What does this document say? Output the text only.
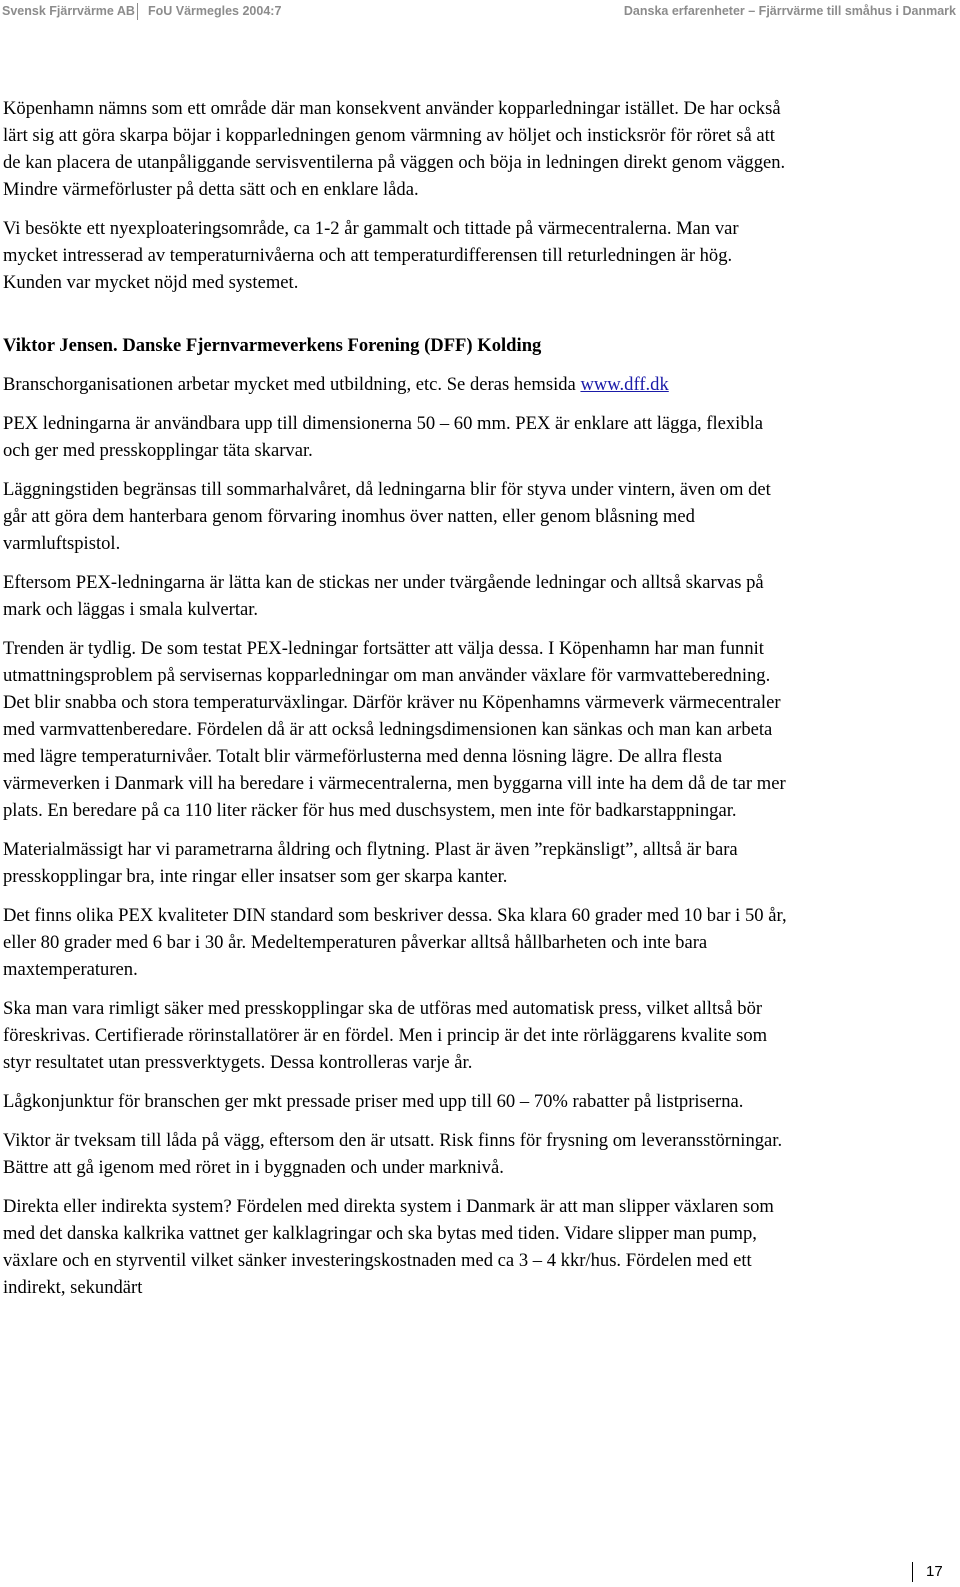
Svensk Fjärrvärme AB FoU Värmegles 2004:7	Danska erfarenheter – Fjärrvärme till småhus i Danmark

Köpenhamn nämns som ett område där man konsekvent använder kopparledningar istället. De har också lärt sig att göra skarpa böjar i kopparledningen genom värmning av höljet och insticksrör för röret så att de kan placera de utanpåliggande servisventilerna på väggen och böja in ledningen direkt genom väggen. Mindre värmeförluster på detta sätt och en enklare låda.

Vi besökte ett nyexploateringsområde, ca 1-2 år gammalt och tittade på värmecentralerna. Man var mycket intresserad av temperaturnivåerna och att temperaturdifferensen till returledningen är hög. Kunden var mycket nöjd med systemet.

Viktor Jensen. Danske Fjernvarmeverkens Forening (DFF) Kolding

Branschorganisationen arbetar mycket med utbildning, etc. Se deras hemsida www.dff.dk

PEX ledningarna är användbara upp till dimensionerna 50 – 60 mm. PEX är enklare att lägga, flexibla och ger med presskopplingar täta skarvar.

Läggningstiden begränsas till sommarhalvåret, då ledningarna blir för styva under vintern, även om det går att göra dem hanterbara genom förvaring inomhus över natten, eller genom blåsning med varmluftspistol.

Eftersom PEX-ledningarna är lätta kan de stickas ner under tvärgående ledningar och alltså skarvas på mark och läggas i smala kulvertar.

Trenden är tydlig. De som testat PEX-ledningar fortsätter att välja dessa. I Köpenhamn har man funnit utmattningsproblem på servisernas kopparledningar om man använder växlare för varmvatteberedning. Det blir snabba och stora temperaturväxlingar. Därför kräver nu Köpenhamns värmeverk värmecentraler med varmvattenberedare. Fördelen då är att också ledningsdimensionen kan sänkas och man kan arbeta med lägre temperaturnivåer. Totalt blir värmeförlusterna med denna lösning lägre. De allra flesta värmeverken i Danmark vill ha beredare i värmecentralerna, men byggarna vill inte ha dem då de tar mer plats. En beredare på ca 110 liter räcker för hus med duschsystem, men inte för badkarstappningar.

Materialmässigt har vi parametrarna åldring och flytning. Plast är även ”repkänsligt”, alltså är bara presskopplingar bra, inte ringar eller insatser som ger skarpa kanter.

Det finns olika PEX kvaliteter DIN standard som beskriver dessa. Ska klara 60 grader med 10 bar i 50 år, eller 80 grader med 6 bar i 30 år. Medeltemperaturen påverkar alltså hållbarheten och inte bara maxtemperaturen.

Ska man vara rimligt säker med presskopplingar ska de utföras med automatisk press, vilket alltså bör föreskrivas. Certifierade rörinstallatörer är en fördel. Men i princip är det inte rörläggarens kvalite som styr resultatet utan pressverktygets. Dessa kontrolleras varje år.

Lågkonjunktur för branschen ger mkt pressade priser med upp till 60 – 70% rabatter på listpriserna.

Viktor är tveksam till låda på vägg, eftersom den är utsatt. Risk finns för frysning om leveransstörningar. Bättre att gå igenom med röret in i byggnaden och under marknivå.

Direkta eller indirekta system? Fördelen med direkta system i Danmark är att man slipper växlaren som med det danska kalkrika vattnet ger kalklagringar och ska bytas med tiden. Vidare slipper man pump, växlare och en styrventil vilket sänker investeringskostnaden med ca 3 – 4 kkr/hus. Fördelen med ett indirekt, sekundärt

17
